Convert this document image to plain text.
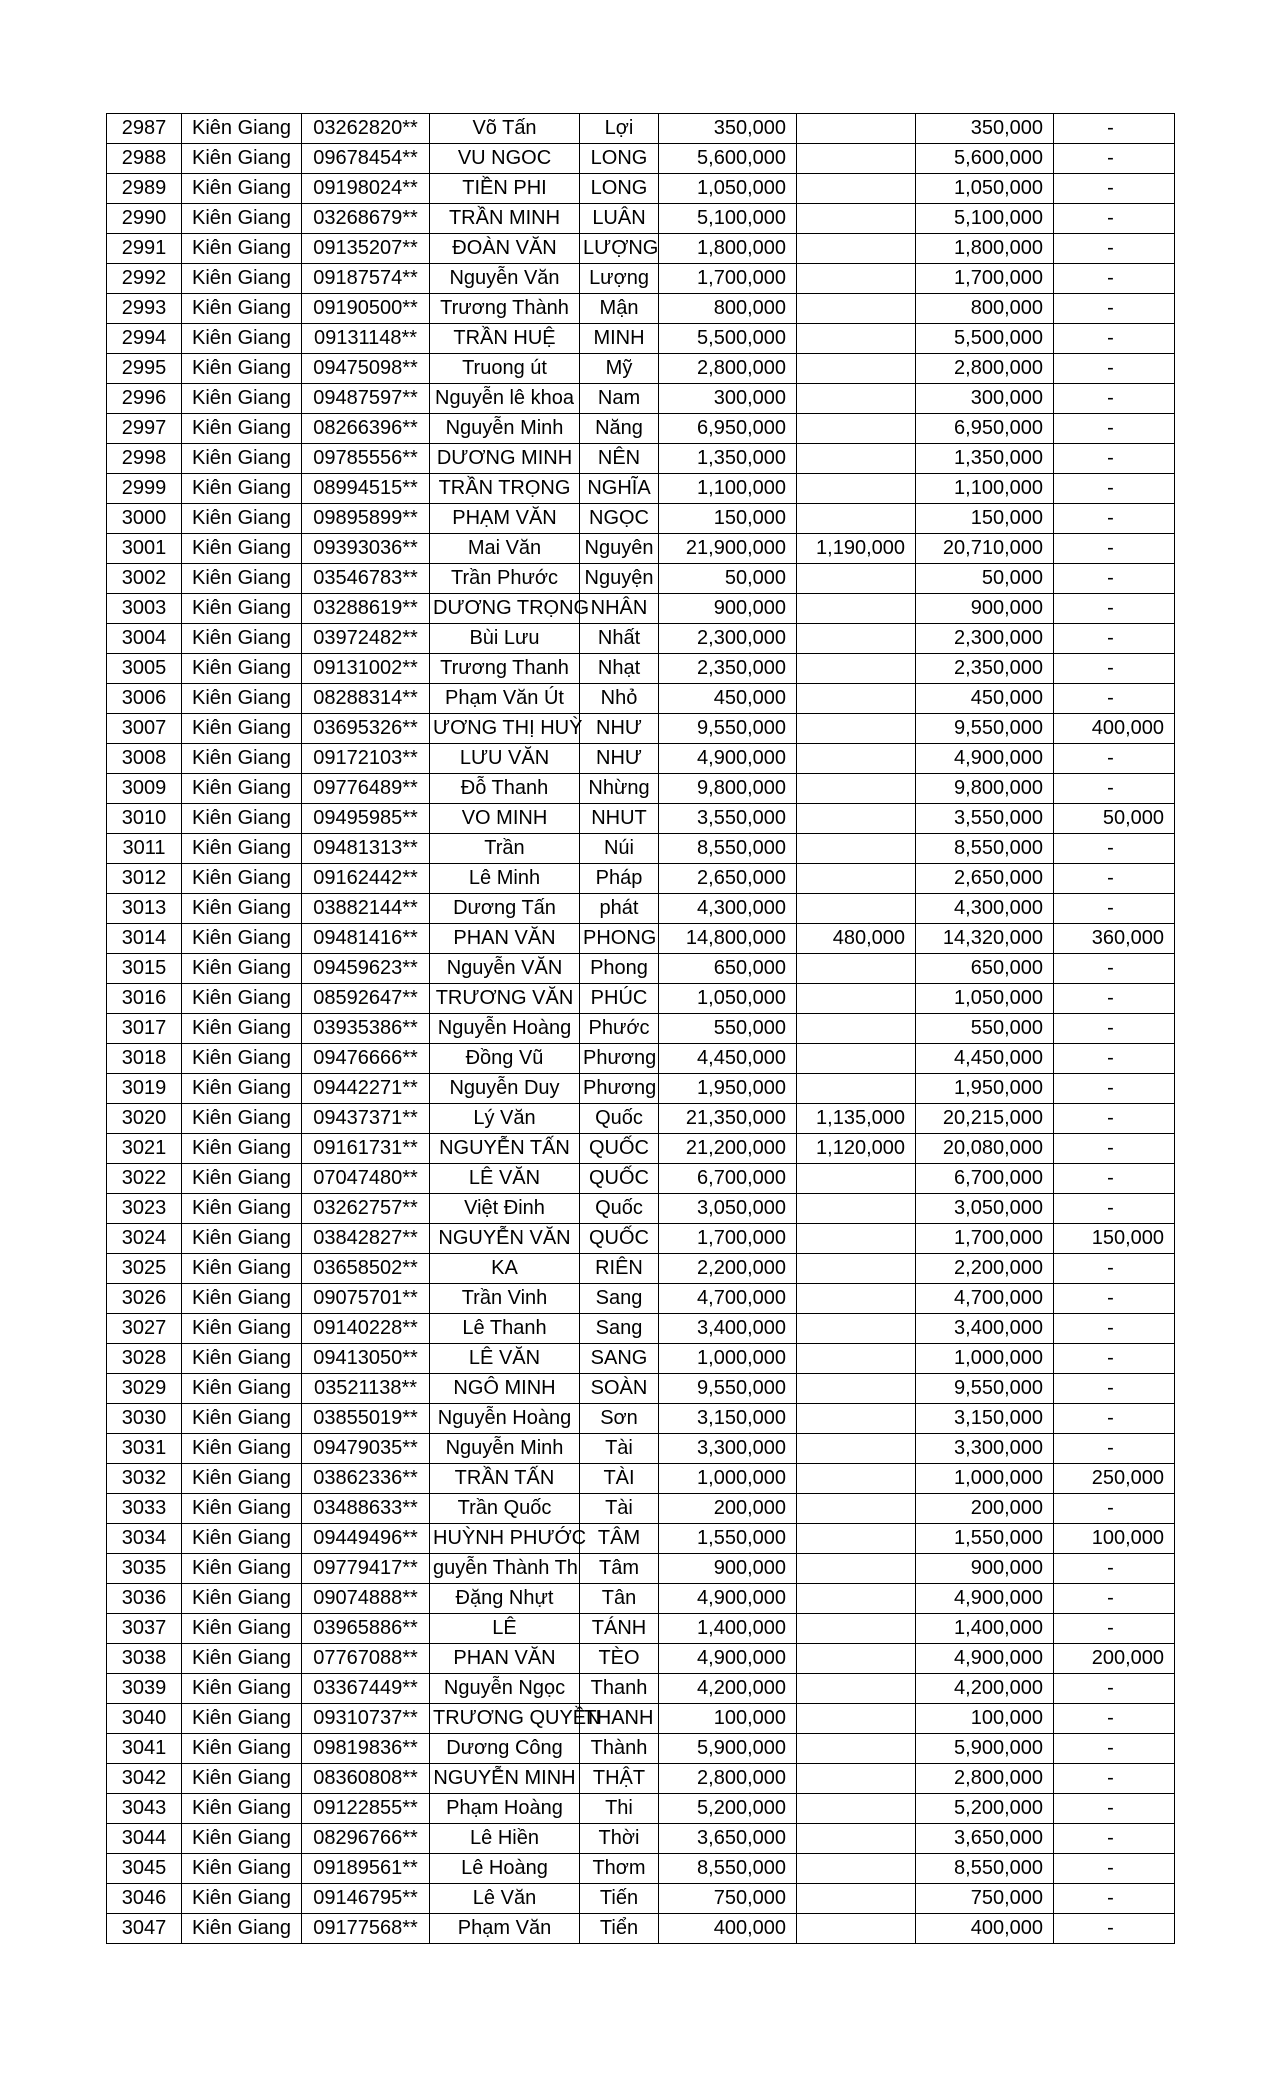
2987	Kiên Giang	03262820**	Võ Tấn	Lợi	350,000		350,000	-
2988	Kiên Giang	09678454**	VU NGOC	LONG	5,600,000		5,600,000	-
2989	Kiên Giang	09198024**	TIỀN PHI	LONG	1,050,000		1,050,000	-
2990	Kiên Giang	03268679**	TRẦN MINH	LUÂN	5,100,000		5,100,000	-
2991	Kiên Giang	09135207**	ĐOÀN VĂN	LƯỢNG	1,800,000		1,800,000	-
2992	Kiên Giang	09187574**	Nguyễn Văn	Lượng	1,700,000		1,700,000	-
2993	Kiên Giang	09190500**	Trương Thành	Mận	800,000		800,000	-
2994	Kiên Giang	09131148**	TRẦN HUỆ	MINH	5,500,000		5,500,000	-
2995	Kiên Giang	09475098**	Truong út	Mỹ	2,800,000		2,800,000	-
2996	Kiên Giang	09487597**	Nguyễn lê khoa	Nam	300,000		300,000	-
2997	Kiên Giang	08266396**	Nguyễn Minh	Năng	6,950,000		6,950,000	-
2998	Kiên Giang	09785556**	DƯƠNG MINH	NÊN	1,350,000		1,350,000	-
2999	Kiên Giang	08994515**	TRẦN TRỌNG	NGHĨA	1,100,000		1,100,000	-
3000	Kiên Giang	09895899**	PHẠM VĂN	NGỌC	150,000		150,000	-
3001	Kiên Giang	09393036**	Mai Văn	Nguyên	21,900,000	1,190,000	20,710,000	-
3002	Kiên Giang	03546783**	Trần Phước	Nguyện	50,000		50,000	-
3003	Kiên Giang	03288619**	DƯƠNG TRỌNG	NHÂN	900,000		900,000	-
3004	Kiên Giang	03972482**	Bùi Lưu	Nhất	2,300,000		2,300,000	-
3005	Kiên Giang	09131002**	Trương Thanh	Nhạt	2,350,000		2,350,000	-
3006	Kiên Giang	08288314**	Phạm Văn Út	Nhỏ	450,000		450,000	-
3007	Kiên Giang	03695326**	ƯƠNG THỊ HUỲ	NHƯ	9,550,000		9,550,000	400,000
3008	Kiên Giang	09172103**	LƯU VĂN	NHƯ	4,900,000		4,900,000	-
3009	Kiên Giang	09776489**	Đỗ Thanh	Nhừng	9,800,000		9,800,000	-
3010	Kiên Giang	09495985**	VO MINH	NHUT	3,550,000		3,550,000	50,000
3011	Kiên Giang	09481313**	Trần	Núi	8,550,000		8,550,000	-
3012	Kiên Giang	09162442**	Lê Minh	Pháp	2,650,000		2,650,000	-
3013	Kiên Giang	03882144**	Dương Tấn	phát	4,300,000		4,300,000	-
3014	Kiên Giang	09481416**	PHAN VĂN	PHONG	14,800,000	480,000	14,320,000	360,000
3015	Kiên Giang	09459623**	Nguyễn VĂN	Phong	650,000		650,000	-
3016	Kiên Giang	08592647**	TRƯƠNG VĂN	PHÚC	1,050,000		1,050,000	-
3017	Kiên Giang	03935386**	Nguyễn Hoàng	Phước	550,000		550,000	-
3018	Kiên Giang	09476666**	Đồng Vũ	Phương	4,450,000		4,450,000	-
3019	Kiên Giang	09442271**	Nguyễn Duy	Phương	1,950,000		1,950,000	-
3020	Kiên Giang	09437371**	Lý Văn	Quốc	21,350,000	1,135,000	20,215,000	-
3021	Kiên Giang	09161731**	NGUYỄN TẤN	QUỐC	21,200,000	1,120,000	20,080,000	-
3022	Kiên Giang	07047480**	LÊ VĂN	QUỐC	6,700,000		6,700,000	-
3023	Kiên Giang	03262757**	Việt Đinh	Quốc	3,050,000		3,050,000	-
3024	Kiên Giang	03842827**	NGUYỄN VĂN	QUỐC	1,700,000		1,700,000	150,000
3025	Kiên Giang	03658502**	KA	RIÊN	2,200,000		2,200,000	-
3026	Kiên Giang	09075701**	Trần Vinh	Sang	4,700,000		4,700,000	-
3027	Kiên Giang	09140228**	Lê Thanh	Sang	3,400,000		3,400,000	-
3028	Kiên Giang	09413050**	LÊ VĂN	SANG	1,000,000		1,000,000	-
3029	Kiên Giang	03521138**	NGÔ MINH	SOÀN	9,550,000		9,550,000	-
3030	Kiên Giang	03855019**	Nguyễn Hoàng	Sơn	3,150,000		3,150,000	-
3031	Kiên Giang	09479035**	Nguyễn Minh	Tài	3,300,000		3,300,000	-
3032	Kiên Giang	03862336**	TRẦN TẤN	TÀI	1,000,000		1,000,000	250,000
3033	Kiên Giang	03488633**	Trần Quốc	Tài	200,000		200,000	-
3034	Kiên Giang	09449496**	HUỲNH PHƯỚC	TÂM	1,550,000		1,550,000	100,000
3035	Kiên Giang	09779417**	guyễn Thành Th	Tâm	900,000		900,000	-
3036	Kiên Giang	09074888**	Đặng Nhựt	Tân	4,900,000		4,900,000	-
3037	Kiên Giang	03965886**	LÊ	TÁNH	1,400,000		1,400,000	-
3038	Kiên Giang	07767088**	PHAN VĂN	TÈO	4,900,000		4,900,000	200,000
3039	Kiên Giang	03367449**	Nguyễn Ngọc	Thanh	4,200,000		4,200,000	-
3040	Kiên Giang	09310737**	TRƯƠNG QUYỀN	THANH	100,000		100,000	-
3041	Kiên Giang	09819836**	Dương Công	Thành	5,900,000		5,900,000	-
3042	Kiên Giang	08360808**	NGUYỄN MINH	THẬT	2,800,000		2,800,000	-
3043	Kiên Giang	09122855**	Phạm Hoàng	Thi	5,200,000		5,200,000	-
3044	Kiên Giang	08296766**	Lê Hiền	Thời	3,650,000		3,650,000	-
3045	Kiên Giang	09189561**	Lê Hoàng	Thơm	8,550,000		8,550,000	-
3046	Kiên Giang	09146795**	Lê Văn	Tiến	750,000		750,000	-
3047	Kiên Giang	09177568**	Phạm Văn	Tiển	400,000		400,000	-
